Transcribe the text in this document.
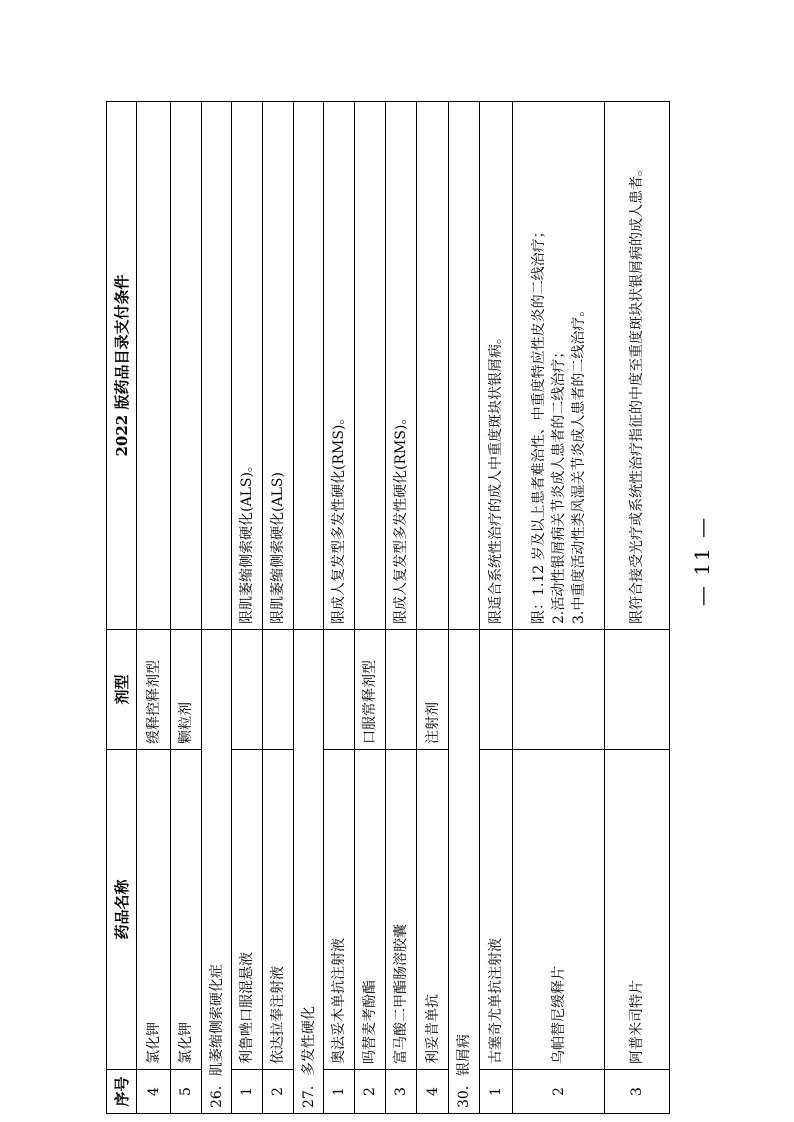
序号	药品名称	剂型	2022 版药品目录支付条件
4	氯化钾	缓释控释剂型	
5	氯化钾	颗粒剂	
26．肌萎缩侧索硬化症			
1	利鲁唑口服混悬液		限肌萎缩侧索硬化(ALS)。
2	依达拉奉注射液		限肌萎缩侧索硬化(ALS)
27．多发性硬化			
1	奥法妥木单抗注射液		限成人复发型多发性硬化(RMS)。
2	吗替麦考酚酯	口服常释剂型	
3	富马酸二甲酯肠溶胶囊		限成人复发型多发性硬化(RMS)。
4	利妥昔单抗	注射剂	
30．银屑病			
1	古塞奇尤单抗注射液		限适合系统性治疗的成人中重度斑块状银屑病。
2	乌帕替尼缓释片		限：1.12 岁及以上患者难治性、中重度特应性皮炎的二线治疗； 2.活动性银屑病关节炎成人患者的二线治疗； 3.中重度活动性类风湿关节炎成人患者的二线治疗。

3	阿普米司特片		限符合接受光疗或系统性治疗指征的中度至重度斑块状银屑病的成人患者。 — 11 —
